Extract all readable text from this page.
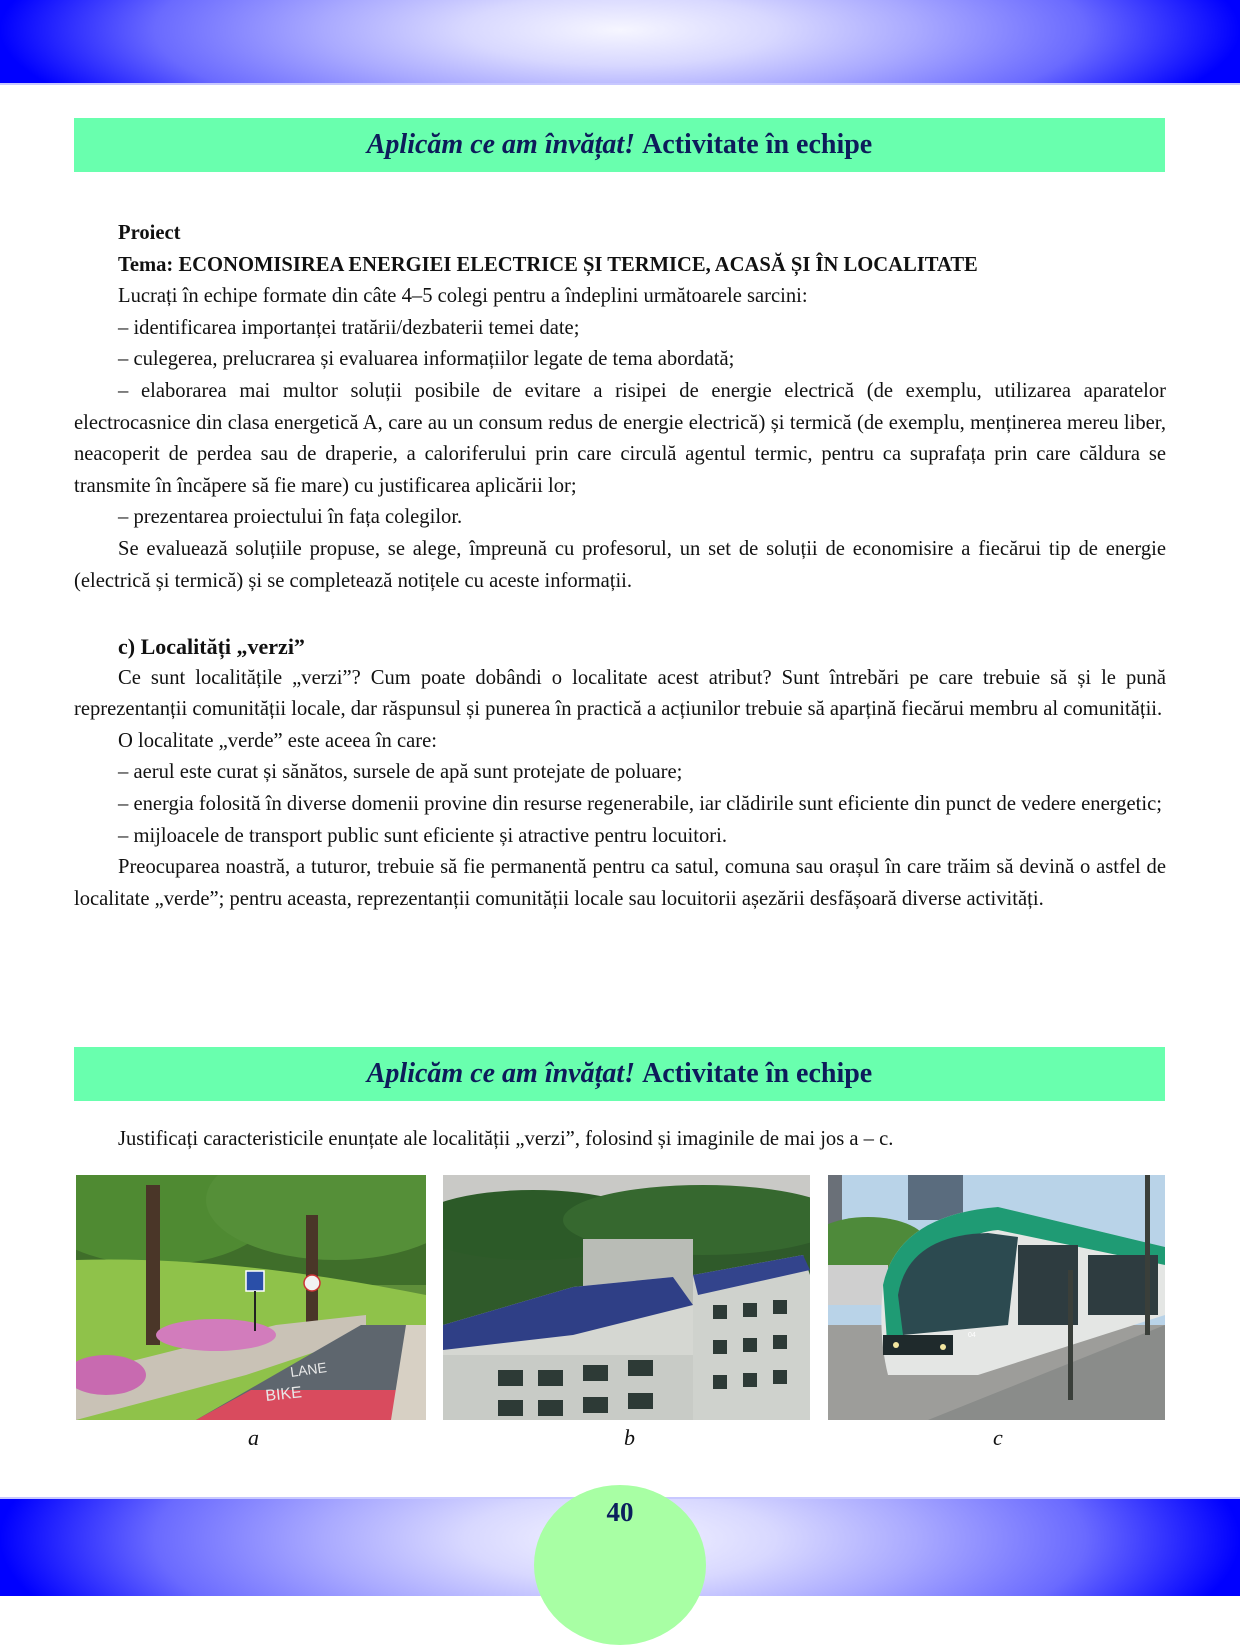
Aplicăm ce am învățat! Activitate în echipe

Proiect

Tema: ECONOMISIREA ENERGIEI ELECTRICE ȘI TERMICE, ACASĂ ȘI ÎN LOCALITATE

Lucrați în echipe formate din câte 4–5 colegi pentru a îndeplini următoarele sarcini:

– identificarea importanței tratării/dezbaterii temei date;

– culegerea, prelucrarea și evaluarea informațiilor legate de tema abordată;

– elaborarea mai multor soluții posibile de evitare a risipei de energie electrică (de exemplu, utilizarea aparatelor electrocasnice din clasa energetică A, care au un consum redus de energie electrică) și termică (de exemplu, menținerea mereu liber, neacoperit de perdea sau de draperie, a caloriferului prin care circulă agentul termic, pentru ca suprafața prin care căldura se transmite în încăpere să fie mare) cu justificarea aplicării lor;

– prezentarea proiectului în fața colegilor.

Se evaluează soluțiile propuse, se alege, împreună cu profesorul, un set de soluții de economisire a fiecărui tip de energie (electrică și termică) și se completează notițele cu aceste informații.

c) Localități „verzi”

Ce sunt localitățile „verzi”? Cum poate dobândi o localitate acest atribut? Sunt întrebări pe care trebuie să și le pună reprezentanții comunității locale, dar răspunsul și punerea în practică a acțiunilor trebuie să aparțină fiecărui membru al comunității.

O localitate „verde” este aceea în care:

– aerul este curat și sănătos, sursele de apă sunt protejate de poluare;

– energia folosită în diverse domenii provine din resurse regenerabile, iar clădirile sunt eficiente din punct de vedere energetic;

– mijloacele de transport public sunt eficiente și atractive pentru locuitori.

Preocuparea noastră, a tuturor, trebuie să fie permanentă pentru ca satul, comuna sau orașul în care trăim să devină o astfel de localitate „verde”; pentru aceasta, reprezentanții comunității locale sau locuitorii așezării desfășoară diverse activități.

Aplicăm ce am învățat! Activitate în echipe

Justificați caracteristicile enunțate ale localității „verzi”, folosind și imaginile de mai jos a – c.

LANE
BIKE
04
a	b	c
40
